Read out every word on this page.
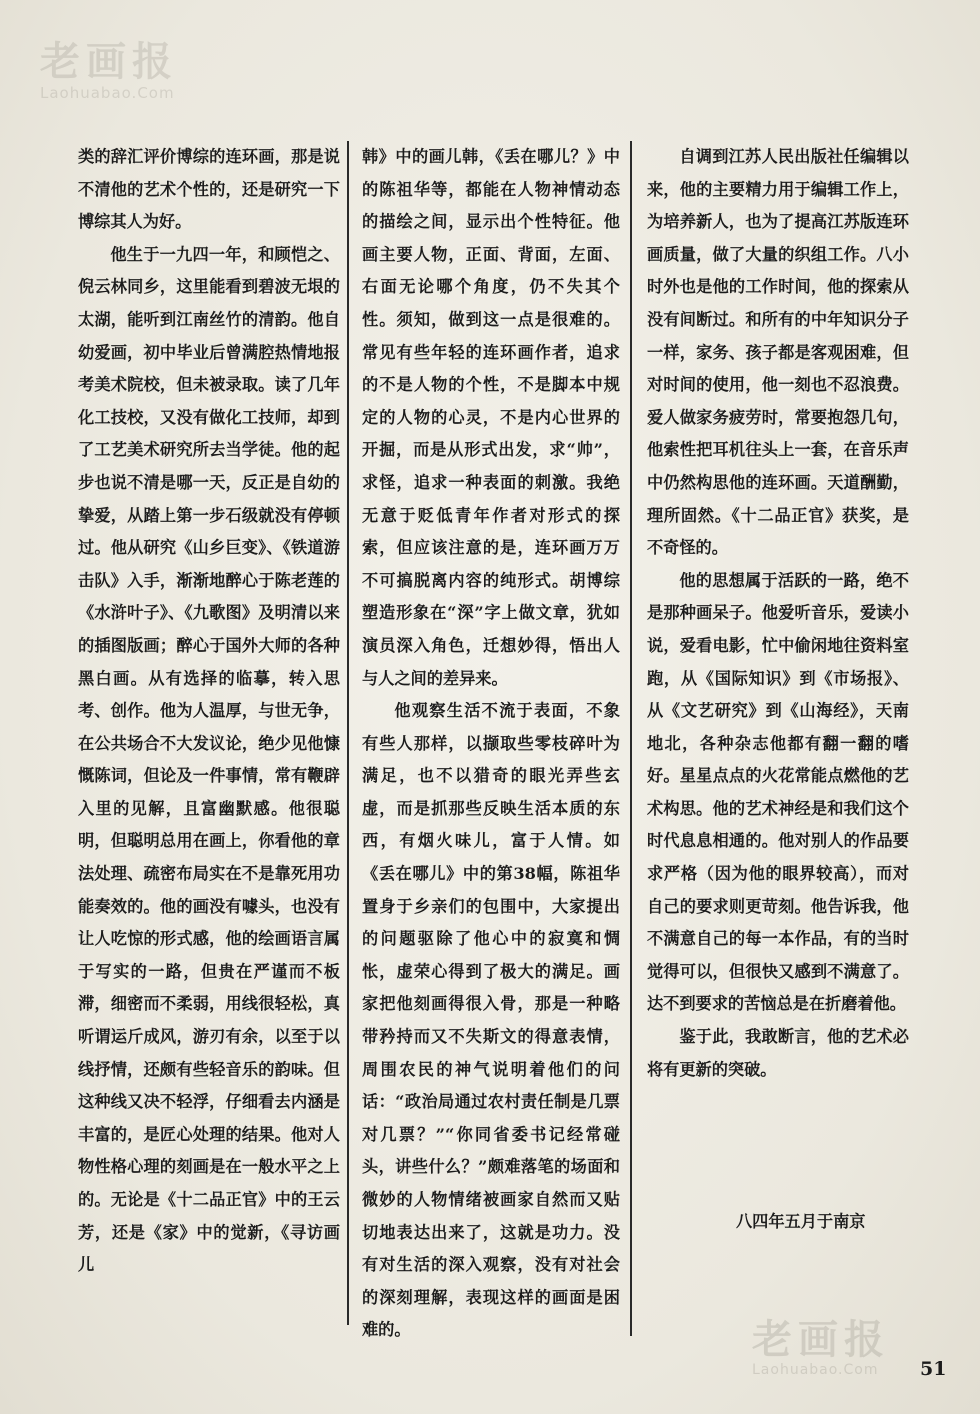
老画报
Laohuabao.Com

类的辞汇评价博综的连环画，那是说不清他的艺术个性的，还是研究一下博综其人为好。

他生于一九四一年，和顾恺之、倪云林同乡，这里能看到碧波无垠的太湖，能听到江南丝竹的清韵。他自幼爱画，初中毕业后曾满腔热情地报考美术院校，但未被录取。读了几年化工技校，又没有做化工技师，却到了工艺美术研究所去当学徒。他的起步也说不清是哪一天，反正是自幼的挚爱，从踏上第一步石级就没有停顿过。他从研究《山乡巨变》、《铁道游击队》入手，渐渐地醉心于陈老莲的《水浒叶子》、《九歌图》及明清以来的插图版画；醉心于国外大师的各种黑白画。从有选择的临摹，转入思考、创作。他为人温厚，与世无争，在公共场合不大发议论，绝少见他慷慨陈词，但论及一件事情，常有鞭辟入里的见解，且富幽默感。他很聪明，但聪明总用在画上，你看他的章法处理、疏密布局实在不是靠死用功能奏效的。他的画没有噱头，也没有让人吃惊的形式感，他的绘画语言属于写实的一路，但贵在严谨而不板滞，细密而不柔弱，用线很轻松，真听谓运斤成风，游刃有余，以至于以线抒情，还颇有些轻音乐的韵味。但这种线又决不轻浮，仔细看去内涵是丰富的，是匠心处理的结果。他对人物性格心理的刻画是在一般水平之上的。无论是《十二品正官》中的王云芳，还是《家》中的觉新，《寻访画儿

韩》中的画儿韩，《丢在哪儿？》中的陈祖华等，都能在人物神情动态的描绘之间，显示出个性特征。他画主要人物，正面、背面，左面、右面无论哪个角度，仍不失其个性。须知，做到这一点是很难的。常见有些年轻的连环画作者，追求的不是人物的个性，不是脚本中规定的人物的心灵，不是内心世界的开掘，而是从形式出发，求“帅”，求怪，追求一种表面的刺激。我绝无意于贬低青年作者对形式的探索，但应该注意的是，连环画万万不可搞脱离内容的纯形式。胡博综塑造形象在“深”字上做文章，犹如演员深入角色，迁想妙得，悟出人与人之间的差异来。

他观察生活不流于表面，不象有些人那样，以撷取些零枝碎叶为满足，也不以猎奇的眼光弄些玄虚，而是抓那些反映生活本质的东西，有烟火味儿，富于人情。如《丢在哪儿》中的第38幅，陈祖华置身于乡亲们的包围中，大家提出的问题驱除了他心中的寂寞和惆怅，虚荣心得到了极大的满足。画家把他刻画得很入骨，那是一种略带矜持而又不失斯文的得意表情，周围农民的神气说明着他们的问话：“政治局通过农村责任制是几票对几票？”“你同省委书记经常碰头，讲些什么？”颇难落笔的场面和微妙的人物情绪被画家自然而又贴切地表达出来了，这就是功力。没有对生活的深入观察，没有对社会的深刻理解，表现这样的画面是困难的。

自调到江苏人民出版社任编辑以来，他的主要精力用于编辑工作上，为培养新人，也为了提高江苏版连环画质量，做了大量的织组工作。八小时外也是他的工作时间，他的探索从没有间断过。和所有的中年知识分子一样，家务、孩子都是客观困难，但对时间的使用，他一刻也不忍浪费。爱人做家务疲劳时，常要抱怨几句，他索性把耳机往头上一套，在音乐声中仍然构思他的连环画。天道酬勤，理所固然。《十二品正官》获奖，是不奇怪的。

他的思想属于活跃的一路，绝不是那种画呆子。他爱听音乐，爱读小说，爱看电影，忙中偷闲地往资料室跑，从《国际知识》到《市场报》、从《文艺研究》到《山海经》，天南地北，各种杂志他都有翻一翻的嗜好。星星点点的火花常能点燃他的艺术构思。他的艺术神经是和我们这个时代息息相通的。他对别人的作品要求严格（因为他的眼界较高），而对自己的要求则更苛刻。他告诉我，他不满意自己的每一本作品，有的当时觉得可以，但很快又感到不满意了。达不到要求的苦恼总是在折磨着他。

鉴于此，我敢断言，他的艺术必将有更新的突破。

八四年五月于南京
老画报
Laohuabao.Com	51
